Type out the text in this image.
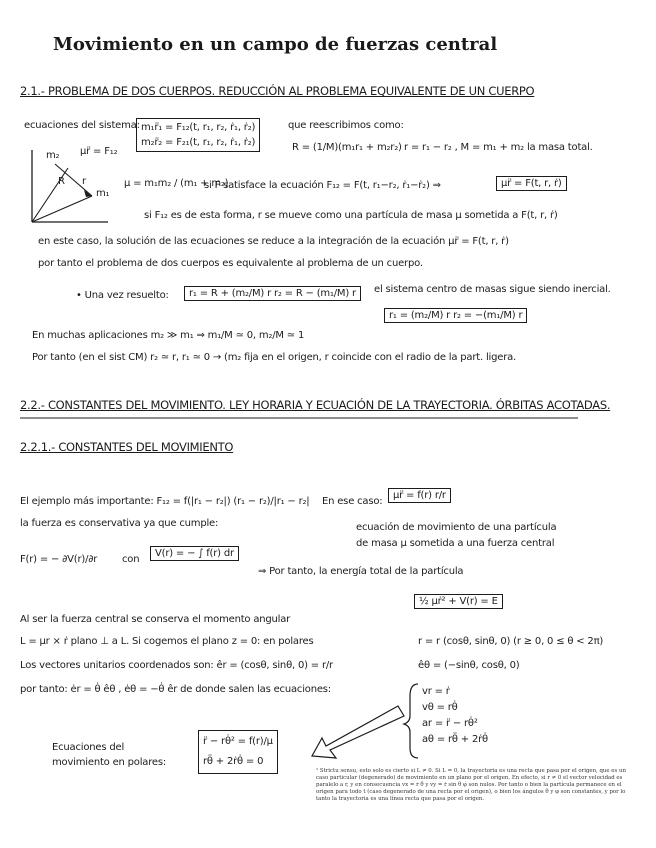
Movimiento en un campo de fuerzas central
2.1.- PROBLEMA DE DOS CUERPOS. REDUCCIÓN AL PROBLEMA EQUIVALENTE DE UN CUERPO
ecuaciones del sistema:
μr̈ = F₁₂
m₁r̈₁ = F₁₂(t, r₁, r₂, ṙ₁, ṙ₂)
m₂r̈₂ = F₂₁(t, r₁, r₂, ṙ₁, ṙ₂)
que reescribimos como:
R = (1/M)(m₁r₁ + m₂r₂) r = r₁ − r₂ , M = m₁ + m₂ la masa total.
m₂
m₁
R r	μ = m₁m₂ / (m₁ + m₂)
si F satisface la ecuación F₁₂ = F(t, r₁−r₂, ṙ₁−ṙ₂) ⇒	μr̈ = F(t, r, ṙ)
si F₁₂ es de esta forma, r se mueve como una partícula de masa μ sometida a F(t, r, ṙ)
en este caso, la solución de las ecuaciones se reduce a la integración de la ecuación μr̈ = F(t, r, ṙ)
por tanto el problema de dos cuerpos es equivalente al problema de un cuerpo.
• Una vez resuelto:	r₁ = R + (m₂/M) r r₂ = R − (m₁/M) r	el sistema centro de masas sigue siendo inercial.
r₁ = (m₂/M) r r₂ = −(m₁/M) r
En muchas aplicaciones m₂ ≫ m₁ ⇒ m₁/M ≃ 0, m₂/M ≃ 1
Por tanto (en el sist CM) r₂ ≃ r, r₁ ≃ 0 → (m₂ fija en el origen, r coincide con el radio de la part. ligera.
2.2.- CONSTANTES DEL MOVIMIENTO. LEY HORARIA Y ECUACIÓN DE LA TRAYECTORIA. ÓRBITAS ACOTADAS.
2.2.1.- CONSTANTES DEL MOVIMIENTO
El ejemplo más importante: F₁₂ = f(|r₁ − r₂|) (r₁ − r₂)/|r₁ − r₂| En ese caso:
μr̈ = f(r) r/r
la fuerza es conservativa ya que cumple:	ecuación de movimiento de una partícula
de masa μ sometida a una fuerza central
F(r) = − ∂V(r)/∂r con
V(r) = − ∫ f(r) dr
⇒ Por tanto, la energía total de la partícula
½ μṙ² + V(r) = E
Al ser la fuerza central se conserva el momento angular
L = μr × ṙ plano ⊥ a L. Si cogemos el plano z = 0: en polares	r = r (cosθ, sinθ, 0) (r ≥ 0, 0 ≤ θ < 2π)
Los vectores unitarios coordenados son: êr = (cosθ, sinθ, 0) = r/r	êθ = (−sinθ, cosθ, 0)
por tanto: ėr = θ̇ êθ , ėθ = −θ̇ êr de donde salen las ecuaciones:	vr = ṙ
vθ = rθ̇
ar = r̈ − rθ̇²
aθ = rθ̈ + 2ṙθ̇
Ecuaciones del
movimiento en polares:
r̈ − rθ̇² = f(r)/μ
rθ̈ + 2ṙθ̇ = 0
¹ Strictu sensu, esto solo es cierto si L ≠ 0. Si L = 0, la trayectoria es una recta que pasa por el origen, que es un caso particular (degenerado) de movimiento en un plano por el origen. En efecto, si r ≠ 0 el vector velocidad es paralelo a r, y en consecuencia vx = ṙ θ̇ y vy = ṙ sin θ φ̇ son nulos. Por tanto o bien la partícula permanece en el origen para todo t (caso degenerado de una recta por el origen), o bien los ángulos θ y φ son constantes, y por lo tanto la trayectoria es una línea recta que pasa por el origen.
